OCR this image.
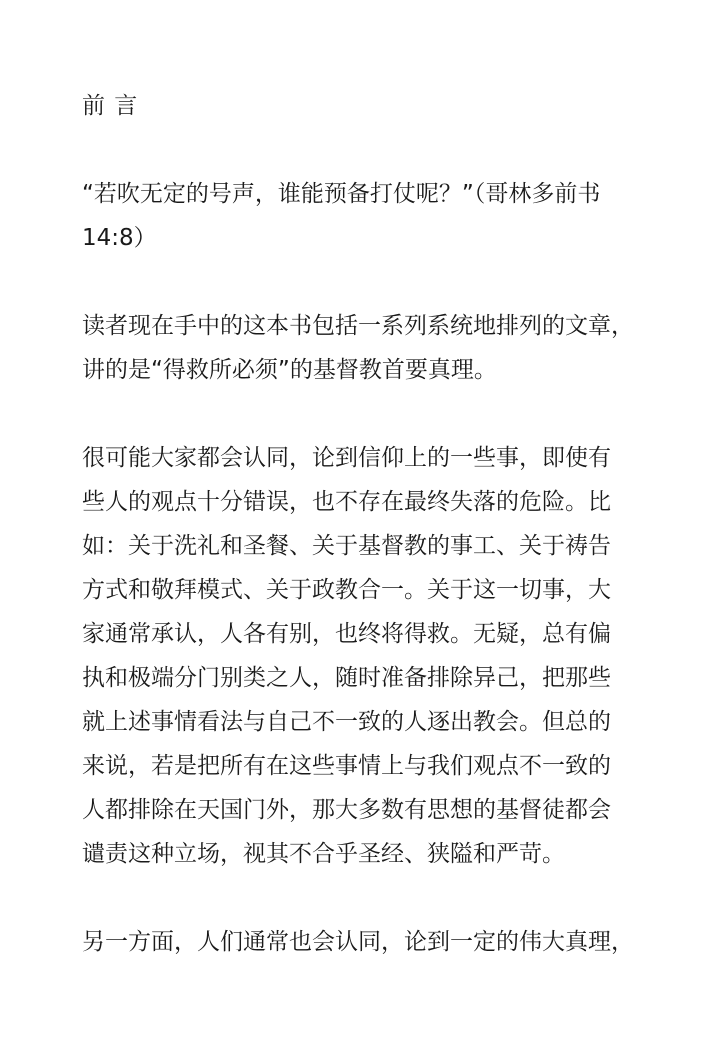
前 言
“若吹无定的号声，谁能预备打仗呢？”（哥林多前书
14:8）
读者现在手中的这本书包括一系列系统地排列的文章，
讲的是“得救所必须”的基督教首要真理。
很可能大家都会认同，论到信仰上的一些事，即使有
些人的观点十分错误，也不存在最终失落的危险。比
如：关于洗礼和圣餐、关于基督教的事工、关于祷告
方式和敬拜模式、关于政教合一。关于这一切事，大
家通常承认，人各有别，也终将得救。无疑，总有偏
执和极端分门别类之人，随时准备排除异己，把那些
就上述事情看法与自己不一致的人逐出教会。但总的
来说，若是把所有在这些事情上与我们观点不一致的
人都排除在天国门外，那大多数有思想的基督徒都会
谴责这种立场，视其不合乎圣经、狭隘和严苛。
另一方面，人们通常也会认同，论到一定的伟大真理，
